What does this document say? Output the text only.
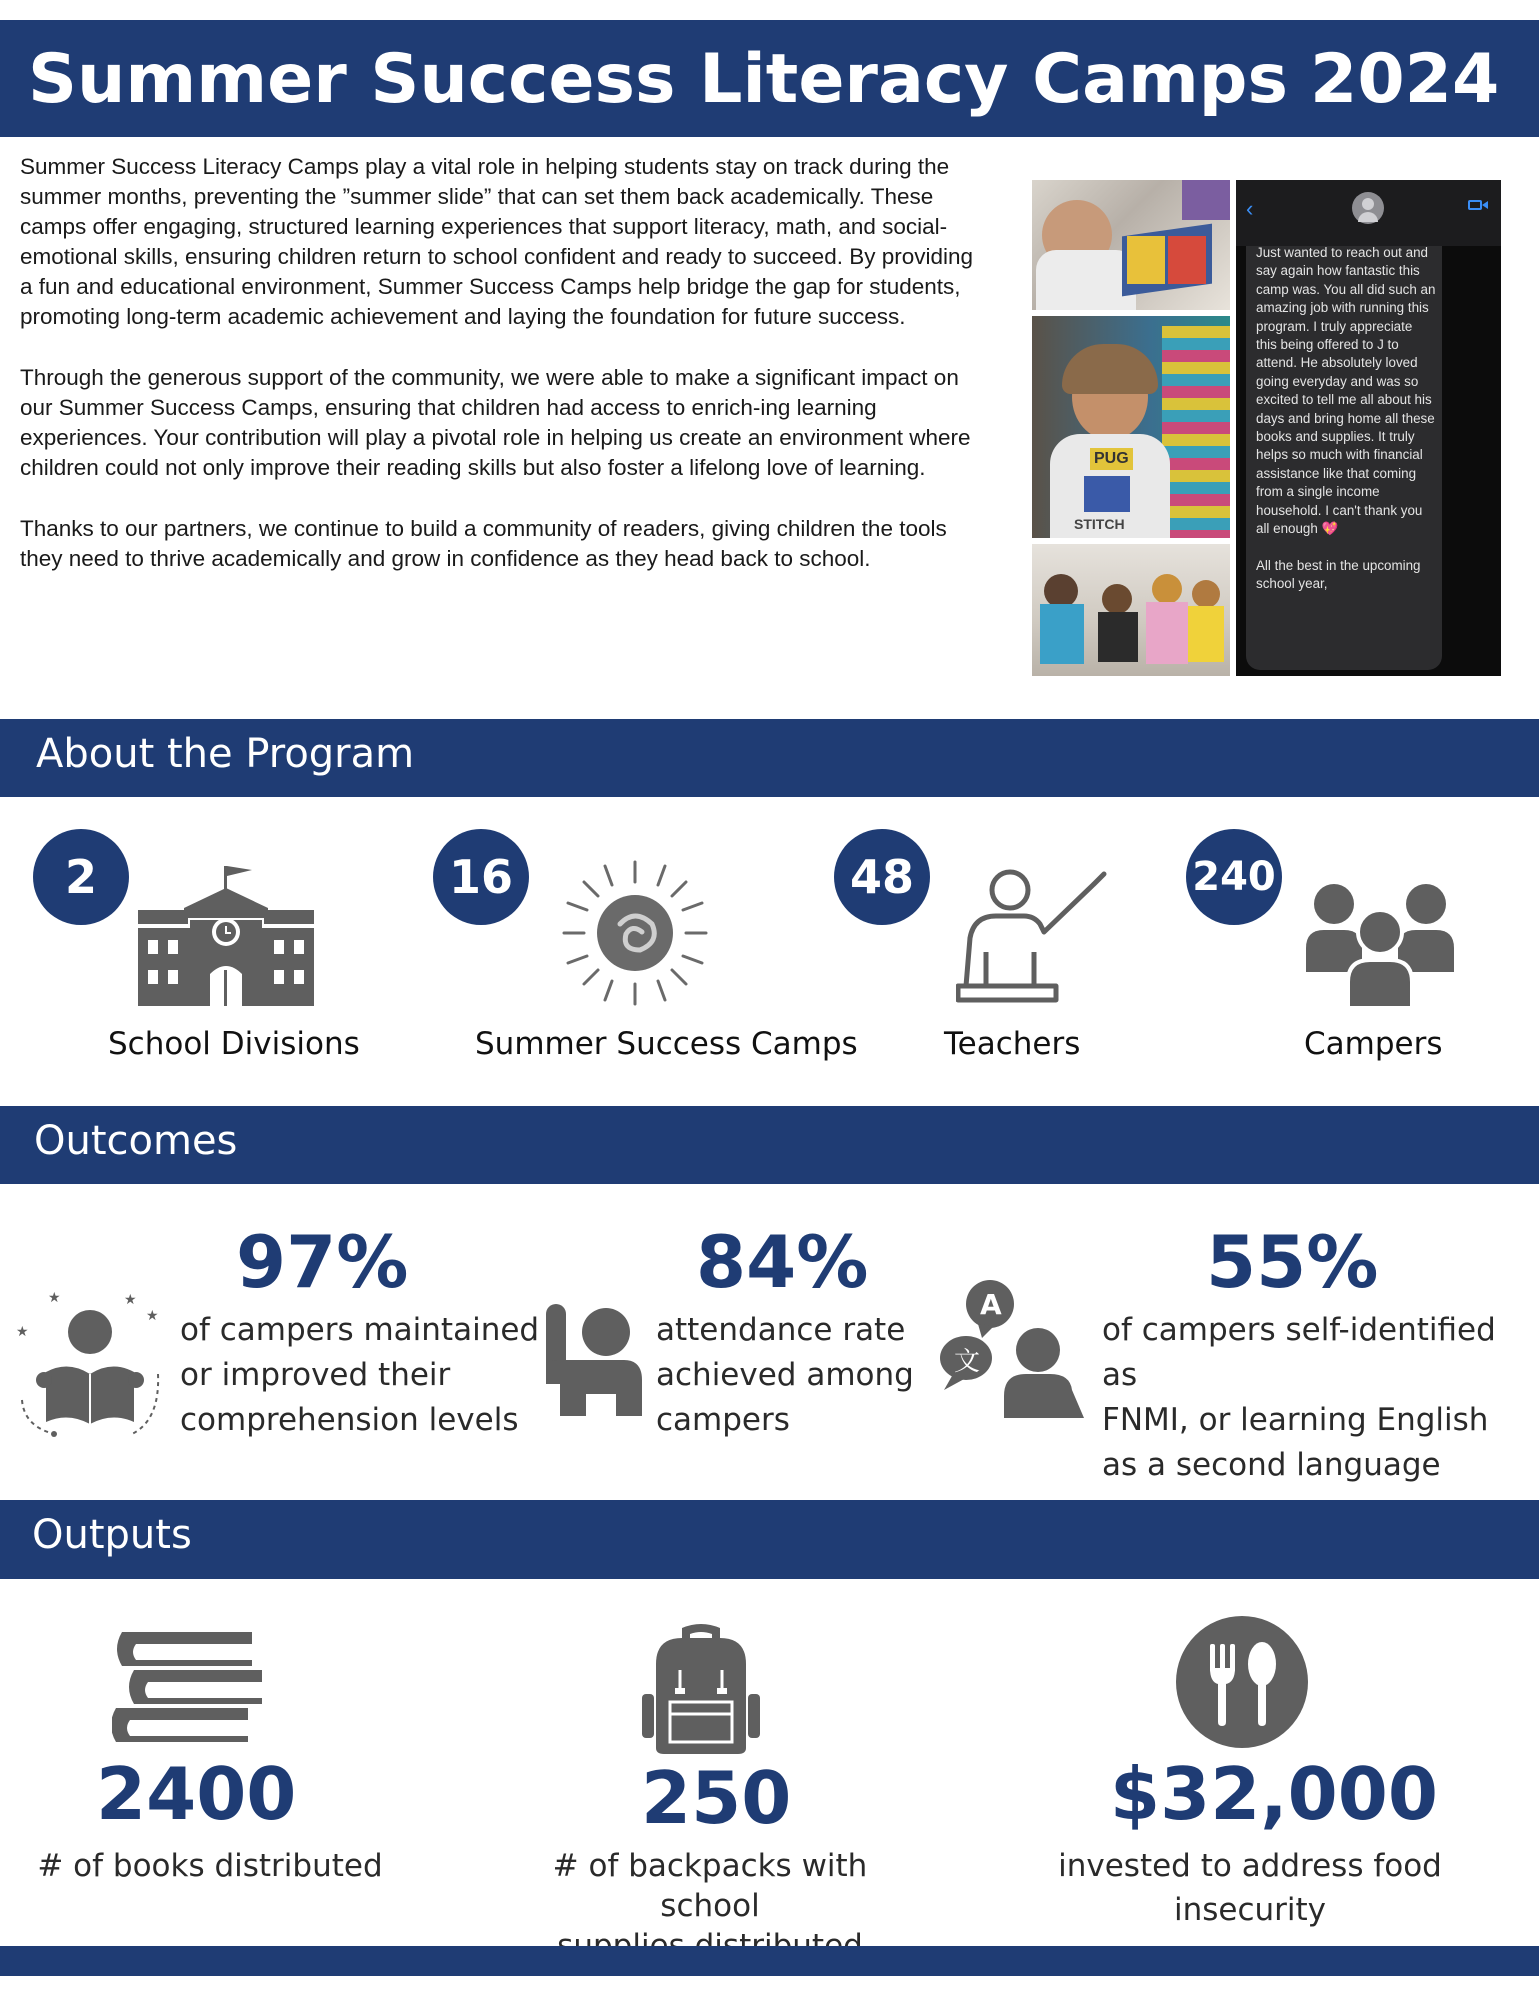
Summer Success Literacy Camps 2024

Summer Success Literacy Camps play a vital role in helping students stay on track during the summer months, preventing the ”summer slide” that can set them back academically. These camps offer engaging, structured learning experiences that support literacy, math, and social-emotional skills, ensuring children return to school confident and ready to succeed. By providing a fun and educational environment, Summer Success Camps help bridge the gap for students, promoting long-term academic achievement and laying the foundation for future success.

Through the generous support of the community, we were able to make a significant impact on our Summer Success Camps, ensuring that children had access to enrich-ing learning experiences. Your contribution will play a pivotal role in helping us create an environment where children could not only improve their reading skills but also foster a lifelong love of learning.

Thanks to our partners, we continue to build a community of readers, giving children the tools they need to thrive academically and grow in confidence as they head back to school.

PUG
STITCH
‹

Just wanted to reach out and say again how fantastic this camp was. You all did such an amazing job with running this program. I truly appreciate this being offered to J to attend. He absolutely loved going everyday and was so excited to tell me all about his days and bring home all these books and supplies. It truly helps so much with financial assistance like that coming from a single income household. I can't thank you all enough 💖

All the best in the upcoming school year,

About the Program
2	16	48	240
School Divisions	Summer Success Camps	Teachers	Campers
Outcomes
97%	84%	55%
of campers maintained
or improved their
comprehension levels
attendance rate
achieved among
campers
of campers self-identified as
FNMI, or learning English
as a second language
★
★	★
★	A
文
Outputs
2400	250	$32,000
# of books distributed	# of backpacks with school
invested to address food
insecurity
